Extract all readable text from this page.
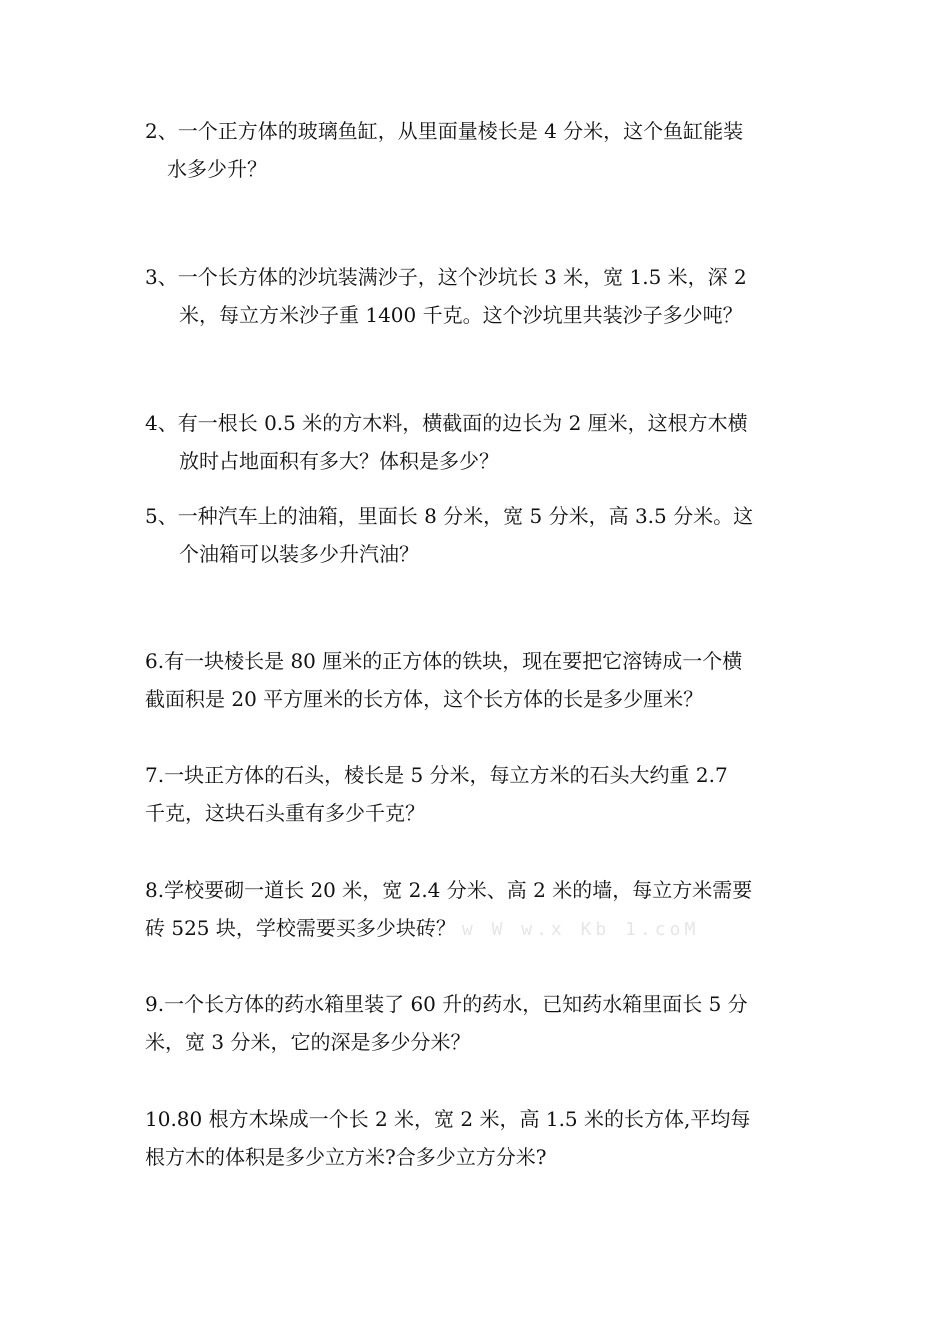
2、一个正方体的玻璃鱼缸，从里面量棱长是 4 分米，这个鱼缸能装
水多少升？
3、一个长方体的沙坑装满沙子，这个沙坑长 3 米，宽 1.5 米，深 2
米，每立方米沙子重 1400 千克。这个沙坑里共装沙子多少吨？
4、有一根长 0.5 米的方木料，横截面的边长为 2 厘米，这根方木横
放时占地面积有多大？体积是多少？
5、一种汽车上的油箱，里面长 8 分米，宽 5 分米，高 3.5 分米。这
个油箱可以装多少升汽油？
6.有一块棱长是 80 厘米的正方体的铁块，现在要把它溶铸成一个横
截面积是 20 平方厘米的长方体，这个长方体的长是多少厘米？
7.一块正方体的石头，棱长是 5 分米，每立方米的石头大约重 2.7
千克，这块石头重有多少千克？
8.学校要砌一道长 20 米，宽 2.4 分米、高 2 米的墙，每立方米需要
砖 525 块，学校需要买多少块砖？ w W w.x Kb 1.coM
9.一个长方体的药水箱里装了 60 升的药水，已知药水箱里面长 5 分
米，宽 3 分米，它的深是多少分米？
10.80 根方木垛成一个长 2 米，宽 2 米，高 1.5 米的长方体,平均每
根方木的体积是多少立方米?合多少立方分米?
